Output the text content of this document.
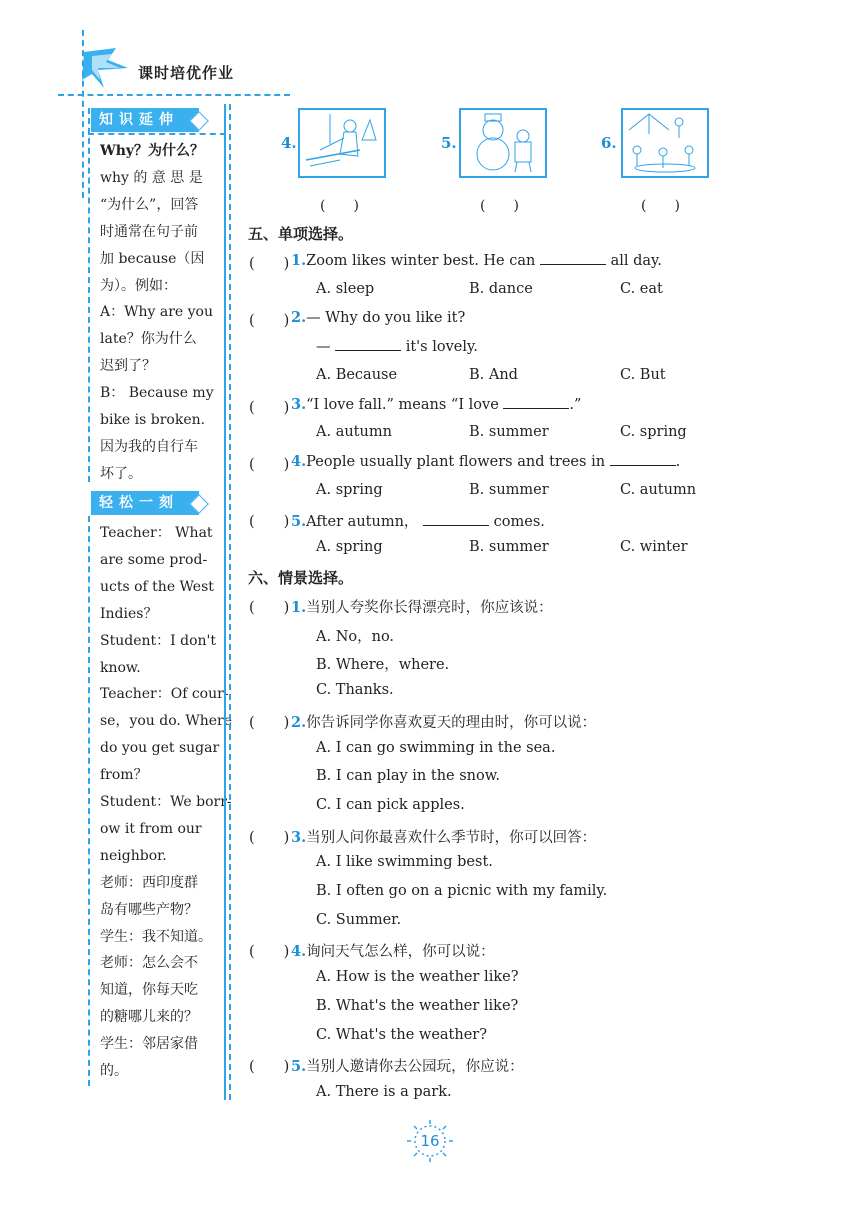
课时培优作业
知识延伸
Why？为什么？
why 的 意 思 是
“为什么”，回答
时通常在句子前
加 because（因
为）。例如：
A：Why are you
late？你为什么
迟到了？
B： Because my
bike is broken.
因为我的自行车
坏了。
轻松一刻
Teacher： What
are some prod-
ucts of the West
Indies？
Student：I don't
know.
Teacher：Of cour-
se，you do. Where
do you get sugar
from？
Student：We borr-
ow it from our
neighbor.
老师：西印度群
岛有哪些产物？
学生：我不知道。
老师：怎么会不
知道，你每天吃
的糖哪儿来的？
学生：邻居家借
的。
4.
(　　)
5.
(　　)
6.
(　　)
五、单项选择。
(　　) 1.Zoom likes winter best. He can	all day.
A. sleep	B. dance	C. eat
(　　) 2.— Why do you like it?
—	it's lovely.
A. Because	B. And	C. But
(　　) 3.“I love fall.” means “I love	.”
A. autumn	B. summer	C. spring
(　　) 4.People usually plant flowers and trees in	.
A. spring	B. summer	C. autumn
(　　) 5.After autumn，	comes.
A. spring	B. summer	C. winter
六、情景选择。
(　　) 1.当别人夸奖你长得漂亮时，你应该说：
A. No，no.
B. Where，where.
C. Thanks.
(　　) 2.你告诉同学你喜欢夏天的理由时，你可以说：
A. I can go swimming in the sea.
B. I can play in the snow.
C. I can pick apples.
(　　) 3.当别人问你最喜欢什么季节时，你可以回答：
A. I like swimming best.
B. I often go on a picnic with my family.
C. Summer.
(　　) 4.询问天气怎么样，你可以说：
A. How is the weather like?
B. What's the weather like?
C. What's the weather?
(　　) 5.当别人邀请你去公园玩，你应说：
A. There is a park.
16
